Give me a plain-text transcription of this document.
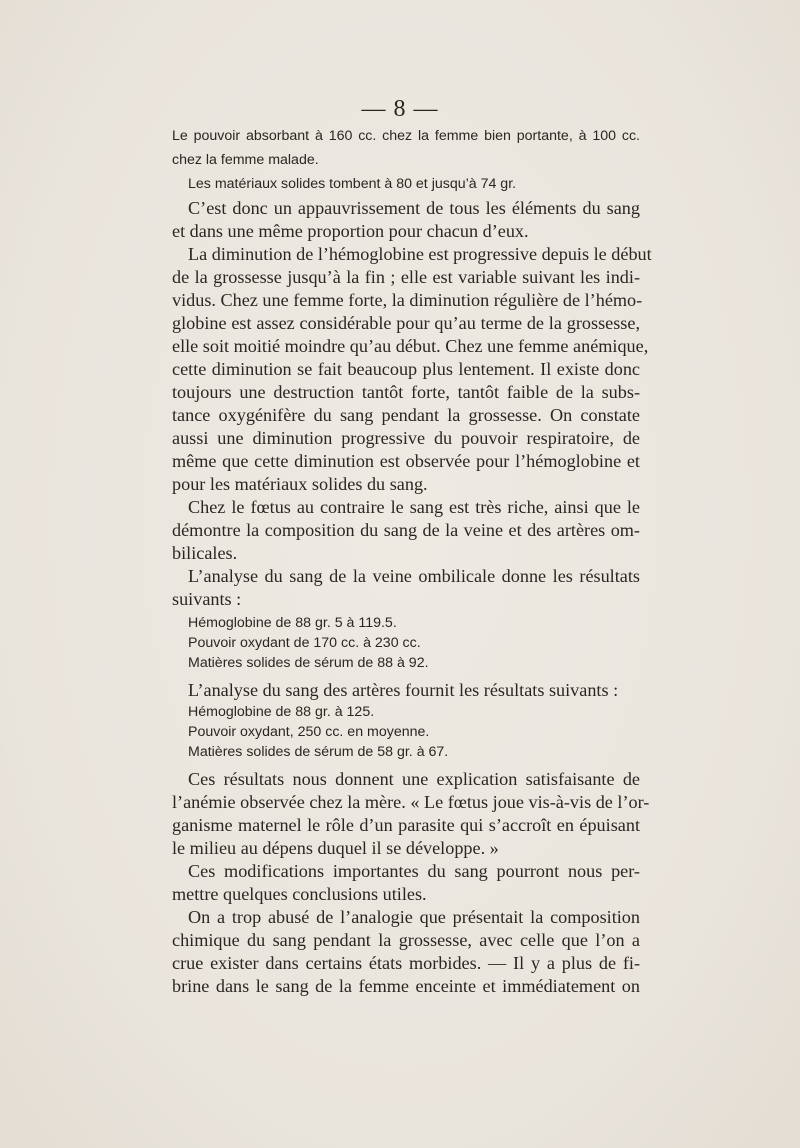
— 8 —
Le pouvoir absorbant à 160 cc. chez la femme bien portante, à 100 cc.
chez la femme malade.
Les matériaux solides tombent à 80 et jusqu’à 74 gr.
C’est donc un appauvrissement de tous les éléments du sang
et dans une même proportion pour chacun d’eux.
La diminution de l’hémoglobine est progressive depuis le début
de la grossesse jusqu’à la fin ; elle est variable suivant les indi-
vidus. Chez une femme forte, la diminution régulière de l’hémo-
globine est assez considérable pour qu’au terme de la grossesse,
elle soit moitié moindre qu’au début. Chez une femme anémique,
cette diminution se fait beaucoup plus lentement. Il existe donc
toujours une destruction tantôt forte, tantôt faible de la subs-
tance oxygénifère du sang pendant la grossesse. On constate
aussi une diminution progressive du pouvoir respiratoire, de
même que cette diminution est observée pour l’hémoglobine et
pour les matériaux solides du sang.
Chez le fœtus au contraire le sang est très riche, ainsi que le
démontre la composition du sang de la veine et des artères om-
bilicales.
L’analyse du sang de la veine ombilicale donne les résultats
suivants :
Hémoglobine de 88 gr. 5 à 119.5.
Pouvoir oxydant de 170 cc. à 230 cc.
Matières solides de sérum de 88 à 92.
L’analyse du sang des artères fournit les résultats suivants :
Hémoglobine de 88 gr. à 125.
Pouvoir oxydant, 250 cc. en moyenne.
Matières solides de sérum de 58 gr. à 67.
Ces résultats nous donnent une explication satisfaisante de
l’anémie observée chez la mère. « Le fœtus joue vis-à-vis de l’or-
ganisme maternel le rôle d’un parasite qui s’accroît en épuisant
le milieu au dépens duquel il se développe. »
Ces modifications importantes du sang pourront nous per-
mettre quelques conclusions utiles.
On a trop abusé de l’analogie que présentait la composition
chimique du sang pendant la grossesse, avec celle que l’on a
crue exister dans certains états morbides. — Il y a plus de fi-
brine dans le sang de la femme enceinte et immédiatement on
